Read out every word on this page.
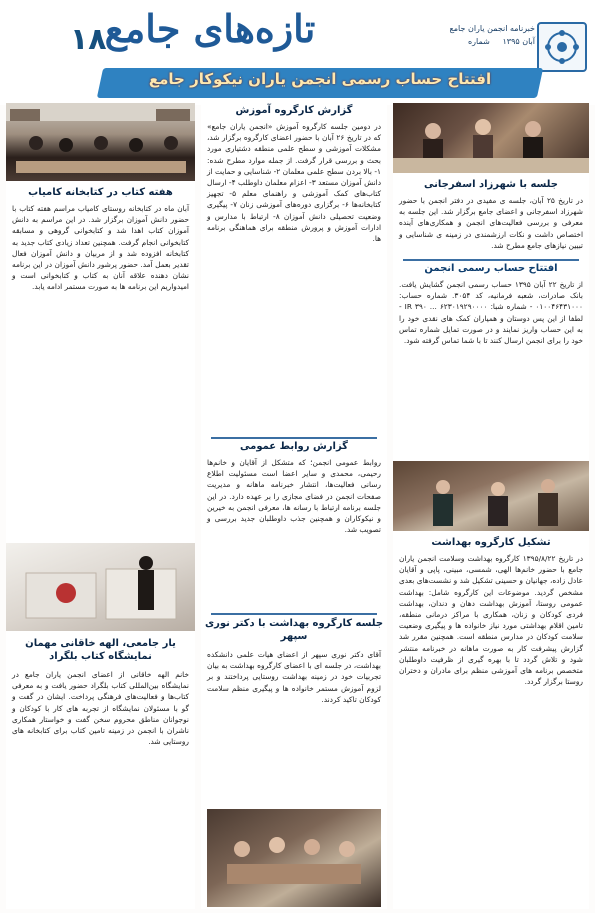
خبرنامه انجمن یاران جامع
آبان ۱۳۹۵     شماره
۱۸
تازه‌های جامع
افتتاح حساب رسمی انجمن یاران نیکوکار جامع
جلسه با شهرزاد اسفرجانی
در تاریخ ۲۵ آبان، جلسه ی مفیدی در دفتر انجمن با حضور شهرزاد اسفرجانی و اعضای جامع برگزار شد. این جلسه به معرفی و بررسی فعالیت‌های انجمن و همکاری‌های آینده اختصاص داشت و نکات ارزشمندی در زمینه ی شناسایی و تبیین نیازهای جامع مطرح شد.
افتتاح حساب رسمی انجمن
از تاریخ ۲۲ آبان ۱۳۹۵ حساب رسمی انجمن گشایش یافت. بانک صادرات، شعبه فرمانیه، کد ۳۰۵۴. شماره حساب: ۰۱۰۰۴۶۴۳۱۰۰۰ - شماره شبا: IR ۳۹۰ ... ۶۲۳۰۱۹۲۹۰۰۰۰ - لطفا از این پس دوستان و همیاران کمک های نقدی خود را به این حساب واریز نمایند و در صورت تمایل شماره تماس خود را برای انجمن ارسال کنند تا با شما تماس گرفته شود.
تشکیل کارگروه بهداشت
در تاریخ ۱۳۹۵/۸/۲۲ کارگروه بهداشت وسلامت انجمن یاران جامع با حضور خانم‌ها الهی، شمسی، مبینی، پاپی و آقایان عادل زاده، جهانیان و حسینی تشکیل شد و نشست‌های بعدی مشخص گردید. موضوعات این کارگروه شامل: بهداشت عمومی روستا، آموزش بهداشت دهان و دندان، بهداشت فردی کودکان و زنان، همکاری با مراکز درمانی منطقه، تامین اقلام بهداشتی مورد نیاز خانواده ها و پیگیری وضعیت سلامت کودکان در مدارس منطقه است. همچنین مقرر شد گزارش پیشرفت کار به صورت ماهانه در خبرنامه منتشر شود و تلاش گردد تا با بهره گیری از ظرفیت داوطلبان متخصص برنامه های آموزشی منظم برای مادران و دختران روستا برگزار گردد.
گزارش کارگروه آموزش
در دومین جلسه کارگروه آموزش «انجمن یاران جامع» که در تاریخ ۲۶ آبان با حضور اعضای کارگروه برگزار شد، مشکلات آموزشی و سطح علمی منطقه دشتیاری مورد بحث و بررسی قرار گرفت. از جمله موارد مطرح شده: ۱- بالا بردن سطح علمی معلمان ۲- شناسایی و حمایت از دانش آموزان مستعد ۳- اعزام معلمان داوطلب ۴- ارسال کتاب‌های کمک آموزشی و راهنمای معلم ۵- تجهیز کتابخانه‌ها ۶- برگزاری دوره‌های آموزشی زنان ۷- پیگیری وضعیت تحصیلی دانش آموزان ۸- ارتباط با مدارس و ادارات آموزش و پرورش منطقه برای هماهنگی برنامه ها.
گزارش روابط عمومی
روابط عمومی انجمن؛ که متشکل از آقایان و خانم‌ها رحیمی، محمدی و سایر اعضا است مسئولیت اطلاع رسانی فعالیت‌ها، انتشار خبرنامه ماهانه و مدیریت صفحات انجمن در فضای مجازی را بر عهده دارد. در این جلسه برنامه ارتباط با رسانه ها، معرفی انجمن به خیرین و نیکوکاران و همچنین جذب داوطلبان جدید بررسی و تصویب شد.
جلسه کارگروه بهداشت با دکتر نوری سپهر
آقای دکتر نوری سپهر از اعضای هیات علمی دانشکده بهداشت، در جلسه ای با اعضای کارگروه بهداشت به بیان تجربیات خود در زمینه بهداشت روستایی پرداختند و بر لزوم آموزش مستمر خانواده ها و پیگیری منظم سلامت کودکان تاکید کردند.
هفته کتاب در کتابخانه کامیاب
آبان ماه در کتابخانه روستای کامیاب مراسم هفته کتاب با حضور دانش آموزان برگزار شد. در این مراسم به دانش آموزان کتاب اهدا شد و کتابخوانی گروهی و مسابقه کتابخوانی انجام گرفت. همچنین تعداد زیادی کتاب جدید به کتابخانه افزوده شد و از مربیان و دانش آموزان فعال تقدیر بعمل آمد. حضور پرشور دانش آموزان در این برنامه نشان دهنده علاقه آنان به کتاب و کتابخوانی است و امیدواریم این برنامه ها به صورت مستمر ادامه یابد.
یار جامعی، الهه خاقانی مهمان نمایشگاه کتاب بلگراد
خانم الهه خاقانی از اعضای انجمن یاران جامع در نمایشگاه بین‌المللی کتاب بلگراد حضور یافت و به معرفی کتاب‌ها و فعالیت‌های فرهنگی پرداخت. ایشان در گفت و گو با مسئولان نمایشگاه از تجربه های کار با کودکان و نوجوانان مناطق محروم سخن گفت و خواستار همکاری ناشران با انجمن در زمینه تامین کتاب برای کتابخانه های روستایی شد.
